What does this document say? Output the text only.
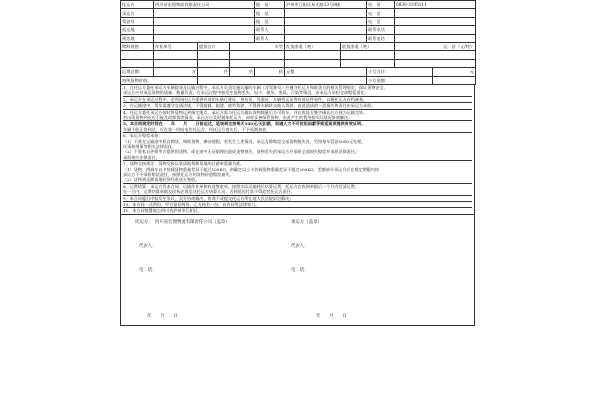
托运方	四川省宏图物流有限责任公司			地　址	泸州市江阳区星光路13号8楼		电　话	0830-3195111	
承运方				地　址			电　话		
驾驶员				地　址			电　话		
起运地				联系人			联系电话		
到达地				联系人			联系电话		
物料规格	作业单号	提货合片	车型		发货净重（吨）	收货净重（吨）		运　价（元/吨）	

运费总额：	万	仟	佰	拾	元整		小写合计：		元
每吨货物价值：							小写金额：		
1、在托运方委托承运方车辆提货及运输过程中，承运方负责实施运输的车辆（含驾驶员）应遵守托运方和收货方的相关管理规定，保证货物安全。
承运方应对承运货物的质量、数量负责，在承运过程中如发生货物丢失、短少、损坏、变质、污染等情况，由承运方承担全部赔偿责任。
2、承运方在承运过程中，必须向托运方提供有效的车辆行驶证、身份证、驾驶证、车辆营运证等有效证件原件，以便托运方存档备查。
3、在运输途中，驾车需遵守交通法规，不得超载、超速、疲劳驾驶，不得将车辆转交他人驾驶，由此造成的一切损失和责任由承运方承担。
4、托运方委托承运方按时将货物运到指定地点，承运方需与托运方确认货物数量后方可装车，并在收货方签字确认后方视为运输完毕。
若出现货物到达后不能及时卸货等情况，承运方应及时通知托运方，同时妥善保管货物，由此产生的费用按实际情况协商解决。
5、本合同规定时间在　　年　　月　　日前运达，延误到达按每天100元/天扣款，如遇人力不可抗拒因素导致延误须提供有效证明。
车辆不能正常到达，应在第一时间电告托运方，经托运方查实后，不予延期扣款。
6、承运方赔偿承担：
（1）不准在运输途中私自卸货、调换货物、掺杂使假，若发生上述情况，承运方除赔偿全部货物损失外，另按每车罚款5000元处理，
民事和刑事等相关法律责任。
（2）不准私自更换甲方提供的货物，或在途中无证据理由造成货物损失，货物丢失的承运方应承担全部损失赔偿并承担法律责任。
承担相应法律责任。
7、货物交接规定：货物交接以装货地和卸货地的过磅单重量为准。
（1）货物：两端车以卡装载货物重量差异不超过100KG，则确定以上卡装载货物重量差异不超过200KG，差额部分承运方应在规定期限内按
承运方不予承担赔偿责任，按照托运方的货物价值赔偿损失。
（2）货物到达卸货地时须经收货方签收。
8、运费结算：承运方凭本合同、运输作业单和收货签收单，按照实际运输吨位结算运费，托运方在收到单据后一个月内付清运费，
在一月内，运费结算单据及回执必须送达托运方结算人员，否则延迟付款不得追究托运方责任。
9、本合同履行中如发生争议，双方协商解决，协商不成提交托运方所在地人民法院诉讼解决。
10、本合同一式两份，甲方留存两份，乙方持有一份，具有同等法律效力。
11、本合同签署地点四川省泸州市江阳区。
托运方： 四川省宏图物流有限责任公司（盖章）	承运方（盖章）
代表人：	代表人：
电　话：	电　话：
年　　月　　日	年　　月　　日
